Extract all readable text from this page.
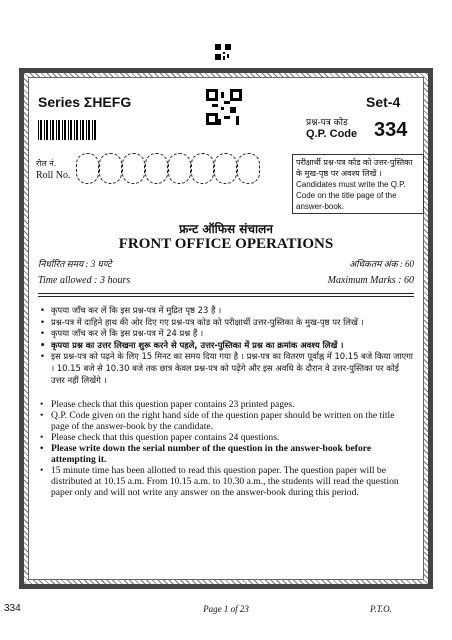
Series ΣHEFG	Set-4
प्रश्न-पत्र कोड
Q.P. Code 334
रोल नं.
Roll No.
परीक्षार्थी प्रश्न-पत्र कोड को उत्तर-पुस्तिका के मुख-पृष्ठ पर अवश्य लिखें ।
Candidates must write the Q.P. Code on the title page of the answer-book.
फ्रन्ट ऑफिस संचालन
FRONT OFFICE OPERATIONS
निर्धारित समय : 3 घण्टे
Time allowed : 3 hours
अधिकतम अंक : 60
Maximum Marks : 60
• कृपया जाँच कर लें कि इस प्रश्न-पत्र में मुद्रित पृष्ठ 23 हैं ।
• प्रश्न-पत्र में दाहिने हाथ की ओर दिए गए प्रश्न-पत्र कोड को परीक्षार्थी उत्तर-पुस्तिका के मुख-पृष्ठ पर लिखें ।
• कृपया जाँच कर लें कि इस प्रश्न-पत्र में 24 प्रश्न हैं ।
• कृपया प्रश्न का उत्तर लिखना शुरू करने से पहले, उत्तर-पुस्तिका में प्रश्न का क्रमांक अवश्य लिखें ।
• इस प्रश्न-पत्र को पढ़ने के लिए 15 मिनट का समय दिया गया है । प्रश्न-पत्र का वितरण पूर्वाह्न में 10.15 बजे किया जाएगा । 10.15 बजे से 10.30 बजे तक छात्र केवल प्रश्न-पत्र को पढ़ेंगे और इस अवधि के दौरान वे उत्तर-पुस्तिका पर कोई उत्तर नहीं लिखेंगे ।
• Please check that this question paper contains 23 printed pages.
• Q.P. Code given on the right hand side of the question paper should be written on the title page of the answer-book by the candidate.
• Please check that this question paper contains 24 questions.
• Please write down the serial number of the question in the answer-book before attempting it.
• 15 minute time has been allotted to read this question paper. The question paper will be distributed at 10.15 a.m. From 10.15 a.m. to 10.30 a.m., the students will read the question paper only and will not write any answer on the answer-book during this period.
334	Page 1 of 23	P.T.O.
